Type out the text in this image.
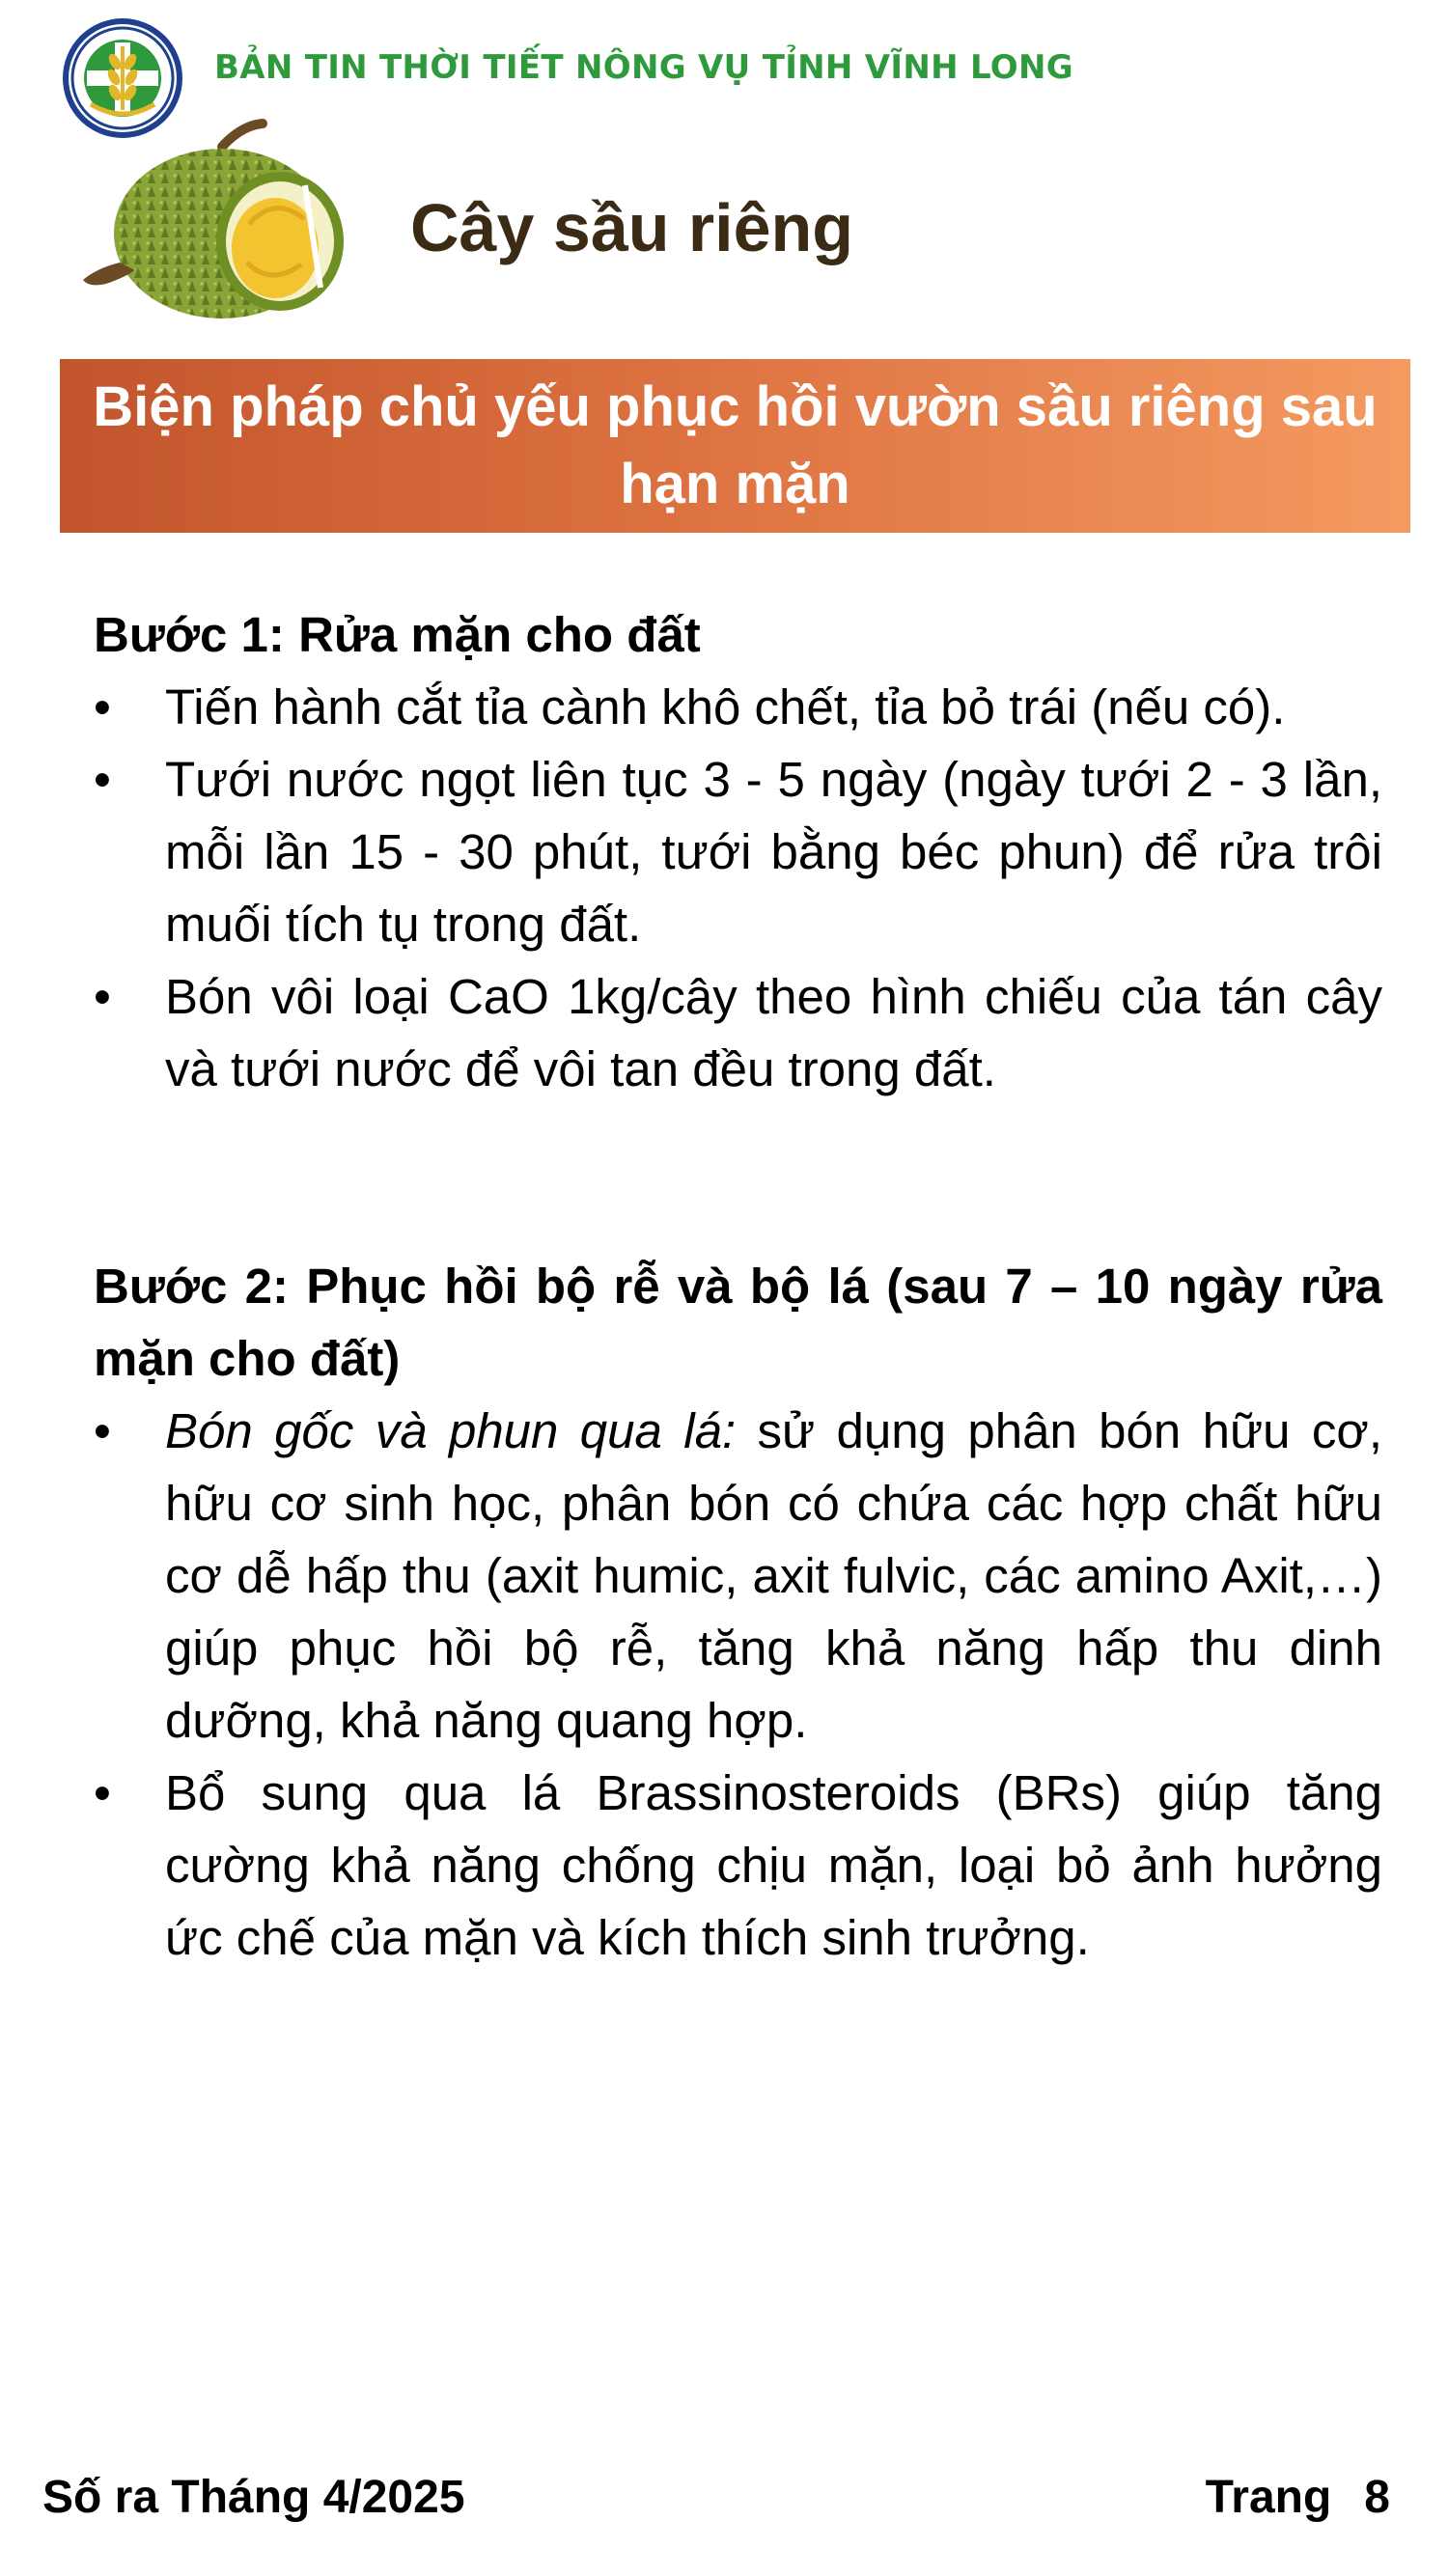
BẢN TIN THỜI TIẾT NÔNG VỤ TỈNH VĨNH LONG
Cây sầu riêng
Biện pháp chủ yếu phục hồi vườn sầu riêng sau hạn mặn
Bước 1: Rửa mặn cho đất
• Tiến hành cắt tỉa cành khô chết, tỉa bỏ trái (nếu có).
• Tưới nước ngọt liên tục 3 - 5 ngày (ngày tưới 2 - 3 lần, mỗi lần 15 - 30 phút, tưới bằng béc phun) để rửa trôi muối tích tụ trong đất.
• Bón vôi loại CaO 1kg/cây theo hình chiếu của tán cây và tưới nước để vôi tan đều trong đất.
Bước 2: Phục hồi bộ rễ và bộ lá (sau 7 – 10 ngày rửa mặn cho đất)
• Bón gốc và phun qua lá: sử dụng phân bón hữu cơ, hữu cơ sinh học, phân bón có chứa các hợp chất hữu cơ dễ hấp thu (axit humic, axit fulvic, các amino Axit,…) giúp phục hồi bộ rễ, tăng khả năng hấp thu dinh dưỡng, khả năng quang hợp.
• Bổ sung qua lá Brassinosteroids (BRs) giúp tăng cường khả năng chống chịu mặn, loại bỏ ảnh hưởng ức chế của mặn và kích thích sinh trưởng.
Số ra Tháng 4/2025	Trang 8
